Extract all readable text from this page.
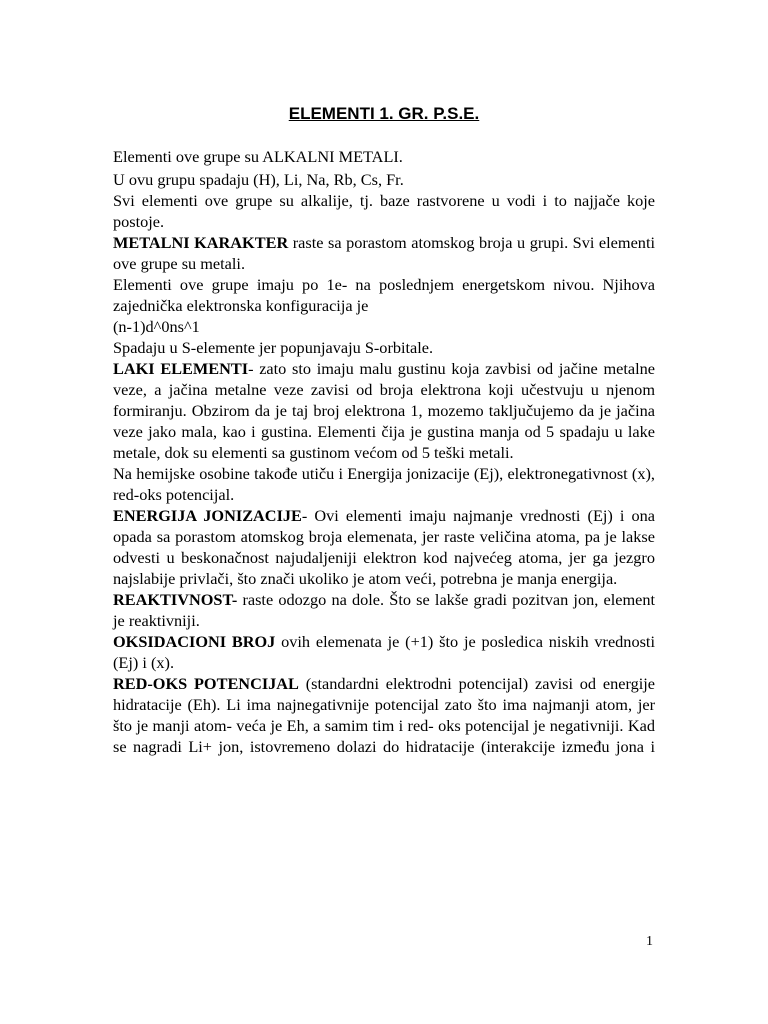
ELEMENTI 1. GR. P.S.E.

Elementi ove grupe su ALKALNI METALI.

U ovu grupu spadaju (H), Li, Na, Rb, Cs, Fr.

Svi elementi ove grupe su alkalije, tj. baze rastvorene u vodi i to najjače koje postoje.

METALNI KARAKTER raste sa porastom atomskog broja u grupi. Svi elementi ove grupe su metali.

Elementi ove grupe imaju po 1e- na poslednjem energetskom nivou. Njihova zajednička elektronska konfiguracija je

(n-1)d^0ns^1

Spadaju u S-elemente jer popunjavaju S-orbitale.

LAKI ELEMENTI- zato sto imaju malu gustinu koja zavbisi od jačine metalne veze, a jačina metalne veze zavisi od broja elektrona koji učestvuju u njenom formiranju. Obzirom da je taj broj elektrona 1, mozemo taključujemo da je jačina veze jako mala, kao i gustina. Elementi čija je gustina manja od 5 spadaju u lake metale, dok su elementi sa gustinom većom od 5 teški metali.

Na hemijske osobine takođe utiču i Energija jonizacije (Ej), elektronegativnost (x), red-oks potencijal.

ENERGIJA JONIZACIJE- Ovi elementi imaju najmanje vrednosti (Ej) i ona opada sa porastom atomskog broja elemenata, jer raste veličina atoma, pa je lakse odvesti u beskonačnost najudaljeniji elektron kod najvećeg atoma, jer ga jezgro najslabije privlači, što znači ukoliko je atom veći, potrebna je manja energija.

REAKTIVNOST- raste odozgo na dole. Što se lakše gradi pozitvan jon, element je reaktivniji.

OKSIDACIONI BROJ ovih elemenata je (+1) što je posledica niskih vrednosti (Ej) i (x).

RED-OKS POTENCIJAL (standardni elektrodni potencijal) zavisi od energije hidratacije (Eh). Li ima najnegativnije potencijal zato što ima najmanji atom, jer što je manji atom- veća je Eh, a samim tim i red- oks potencijal je negativniji. Kad se nagradi Li+ jon, istovremeno dolazi do hidratacije (interakcije između jona i

1
